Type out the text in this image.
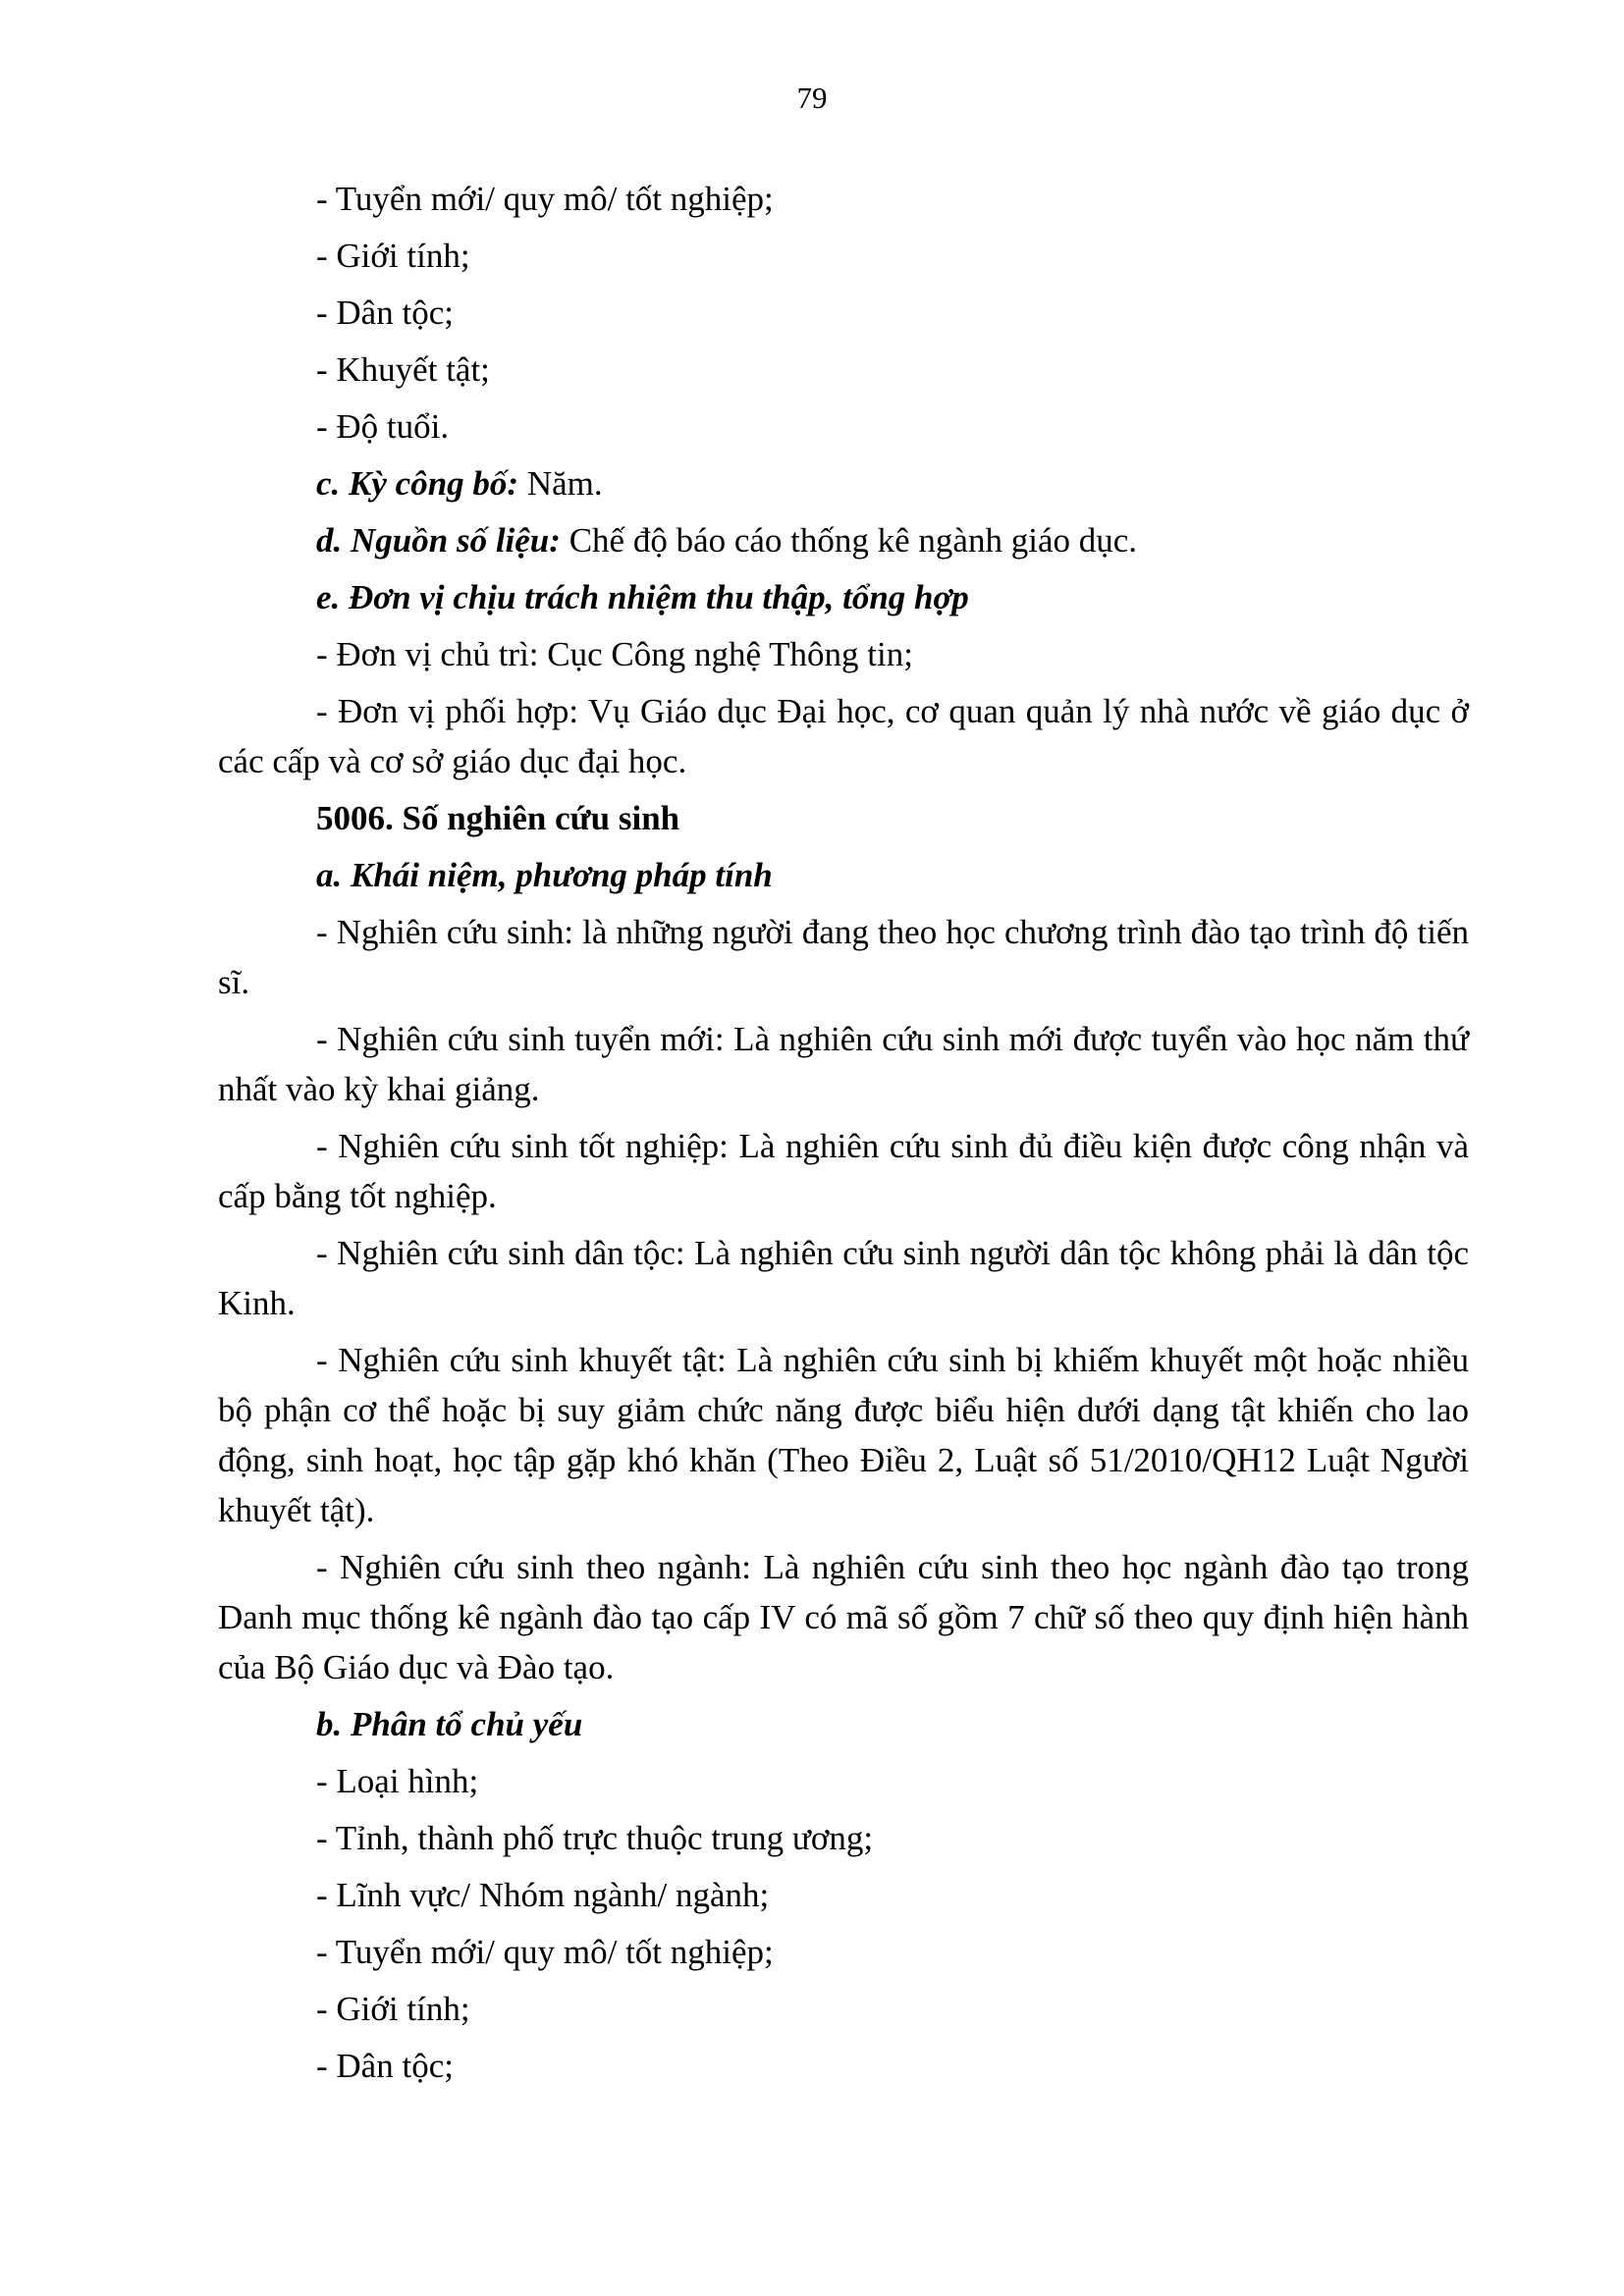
79

- Tuyển mới/ quy mô/ tốt nghiệp;

- Giới tính;

- Dân tộc;

- Khuyết tật;

- Độ tuổi.

c. Kỳ công bố: Năm.

d. Nguồn số liệu: Chế độ báo cáo thống kê ngành giáo dục.

e. Đơn vị chịu trách nhiệm thu thập, tổng hợp

- Đơn vị chủ trì: Cục Công nghệ Thông tin;

- Đơn vị phối hợp: Vụ Giáo dục Đại học, cơ quan quản lý nhà nước về giáo dục ở các cấp và cơ sở giáo dục đại học.

5006. Số nghiên cứu sinh

a. Khái niệm, phương pháp tính

- Nghiên cứu sinh: là những người đang theo học chương trình đào tạo trình độ tiến sĩ.

- Nghiên cứu sinh tuyển mới: Là nghiên cứu sinh mới được tuyển vào học năm thứ nhất vào kỳ khai giảng.

- Nghiên cứu sinh tốt nghiệp: Là nghiên cứu sinh đủ điều kiện được công nhận và cấp bằng tốt nghiệp.

- Nghiên cứu sinh dân tộc: Là nghiên cứu sinh người dân tộc không phải là dân tộc Kinh.

- Nghiên cứu sinh khuyết tật: Là nghiên cứu sinh bị khiếm khuyết một hoặc nhiều bộ phận cơ thể hoặc bị suy giảm chức năng được biểu hiện dưới dạng tật khiến cho lao động, sinh hoạt, học tập gặp khó khăn (Theo Điều 2, Luật số 51/2010/QH12 Luật Người khuyết tật).

- Nghiên cứu sinh theo ngành: Là nghiên cứu sinh theo học ngành đào tạo trong Danh mục thống kê ngành đào tạo cấp IV có mã số gồm 7 chữ số theo quy định hiện hành của Bộ Giáo dục và Đào tạo.

b. Phân tổ chủ yếu

- Loại hình;

- Tỉnh, thành phố trực thuộc trung ương;

- Lĩnh vực/ Nhóm ngành/ ngành;

- Tuyển mới/ quy mô/ tốt nghiệp;

- Giới tính;

- Dân tộc;
